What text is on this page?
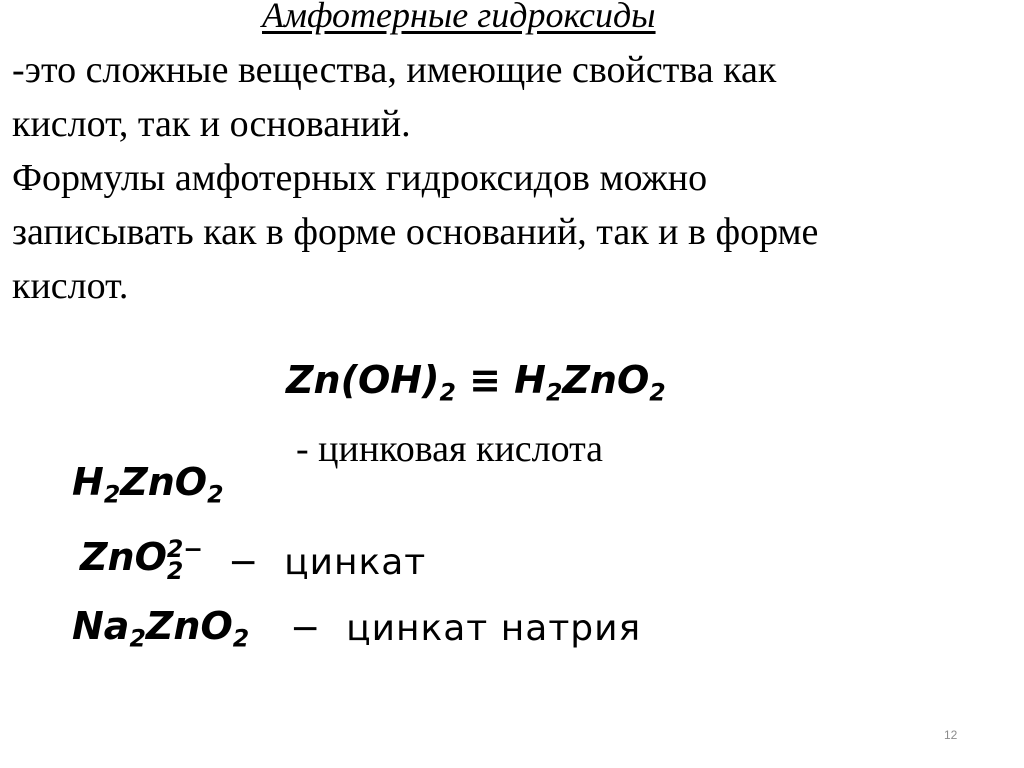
Амфотерные гидроксиды
-это сложные вещества, имеющие свойства как
кислот, так и оснований.
Формулы амфотерных гидроксидов можно
записывать как в форме оснований, так и в форме
кислот.
$Zn(OH)_2 \equiv H_2ZnO_2$
- цинковая кислота
$H_2ZnO_2$
ZnO 2−
2	− цинкат
$Na_2ZnO_2$ − цинкат натрия
12
